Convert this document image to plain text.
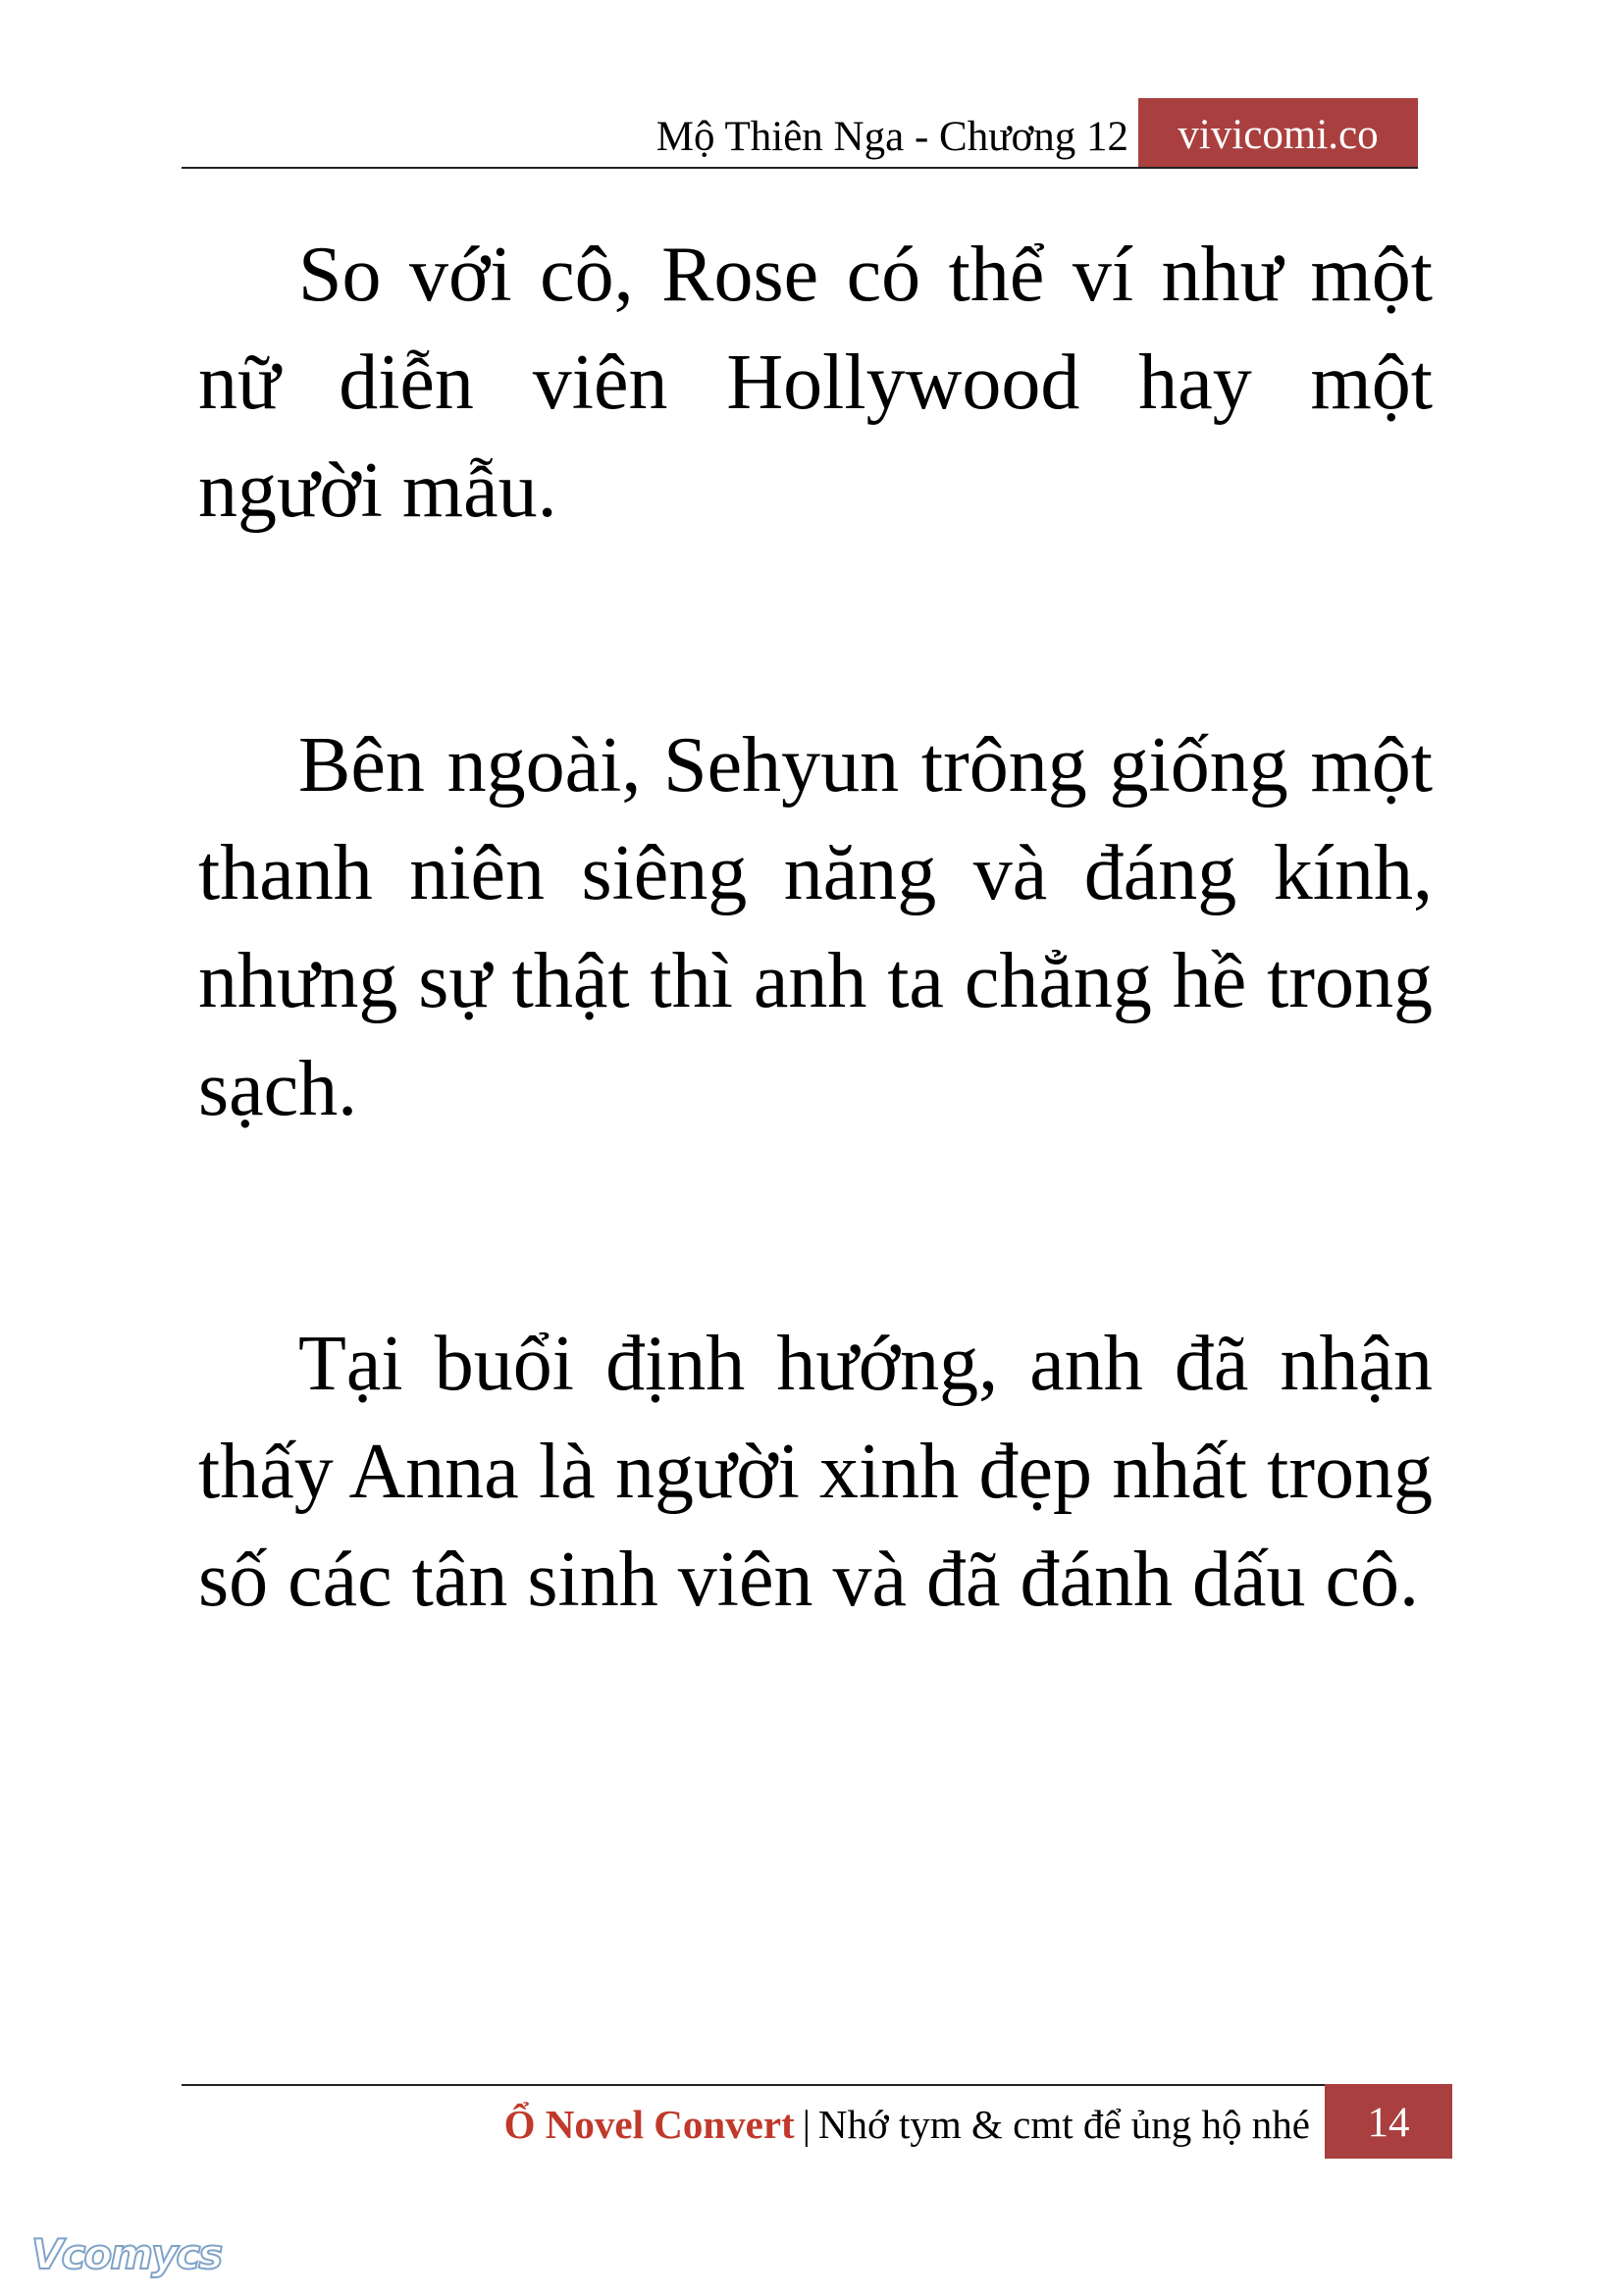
Mộ Thiên Nga - Chương 12	vivicomi.co

So với cô, Rose có thể ví như một nữ diễn viên Hollywood hay một người mẫu.

Bên ngoài, Sehyun trông giống một thanh niên siêng năng và đáng kính, nhưng sự thật thì anh ta chẳng hề trong sạch.

Tại buổi định hướng, anh đã nhận thấy Anna là người xinh đẹp nhất trong số các tân sinh viên và đã đánh dấu cô.

Ổ Novel Convert | Nhớ tym & cmt để ủng hộ nhé	14
Vcomycs
